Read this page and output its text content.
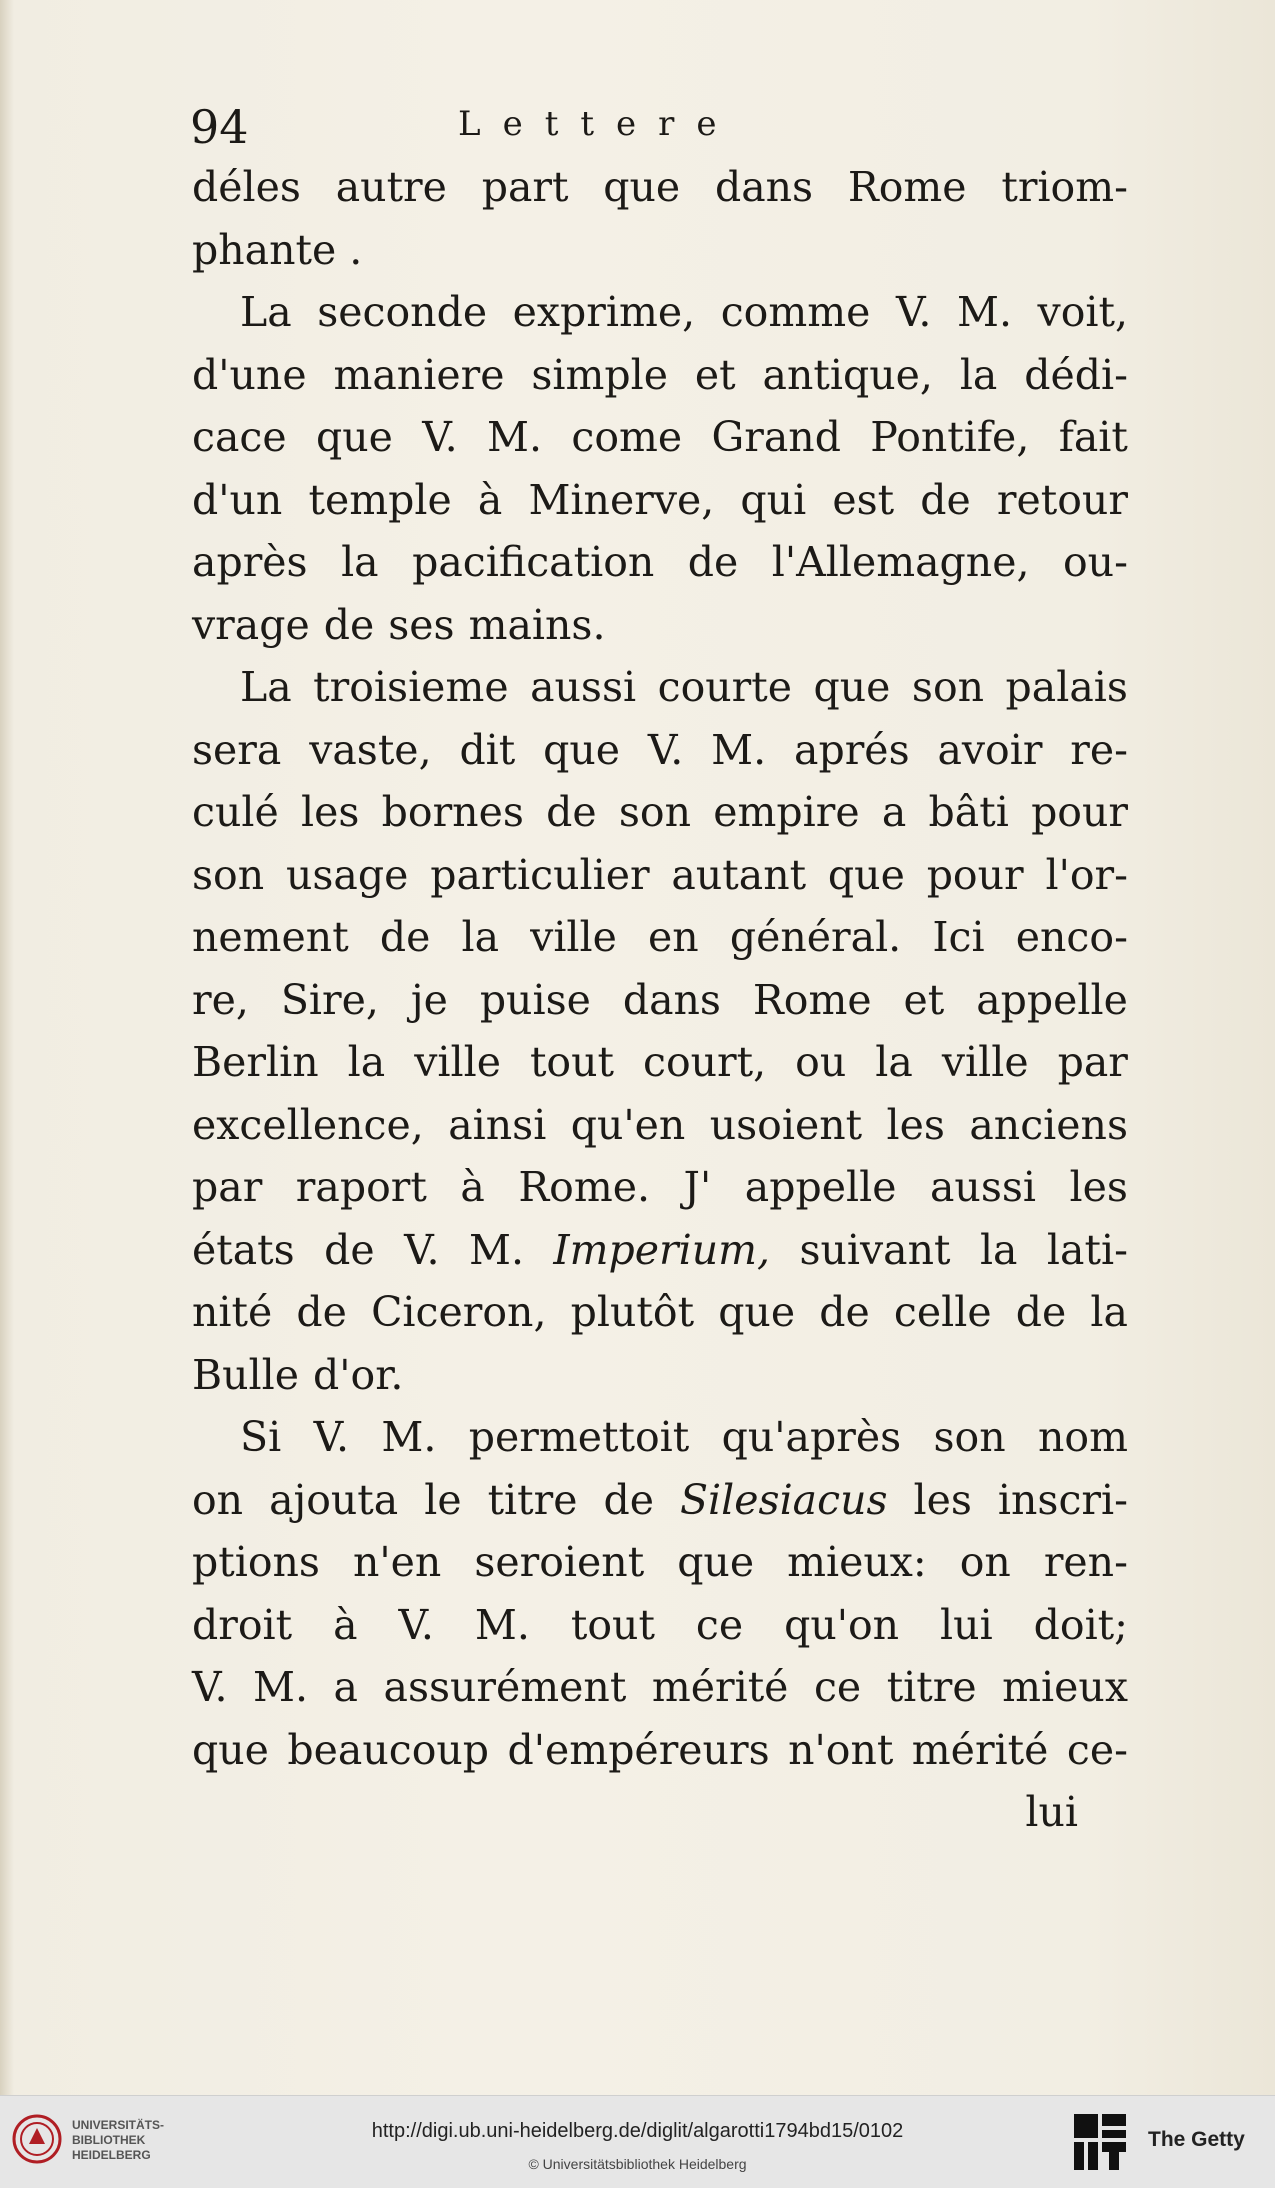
94	Lettere
déles autre part que dans Rome triom-
phante .
La seconde exprime, comme V. M. voit,
d'une maniere simple et antique, la dédi-
cace que V. M. come Grand Pontife, fait
d'un temple à Minerve, qui est de retour
après la pacification de l'Allemagne, ou-
vrage de ses mains.
La troisieme aussi courte que son palais
sera vaste, dit que V. M. aprés avoir re-
culé les bornes de son empire a bâti pour
son usage particulier autant que pour l'or-
nement de la ville en général. Ici enco-
re, Sire, je puise dans Rome et appelle
Berlin la ville tout court, ou la ville par
excellence, ainsi qu'en usoient les anciens
par raport à Rome. J' appelle aussi les
états de V. M. Imperium, suivant la lati-
nité de Ciceron, plutôt que de celle de la
Bulle d'or.
Si V. M. permettoit qu'après son nom
on ajouta le titre de Silesiacus les inscri-
ptions n'en seroient que mieux: on ren-
droit à V. M. tout ce qu'on lui doit;
V. M. a assurément mérité ce titre mieux
que beaucoup d'empéreurs n'ont mérité ce-
lui
UNIVERSITÄTS-
BIBLIOTHEK
HEIDELBERG
http://digi.ub.uni-heidelberg.de/diglit/algarotti1794bd15/0102
© Universitätsbibliothek Heidelberg
The Getty
